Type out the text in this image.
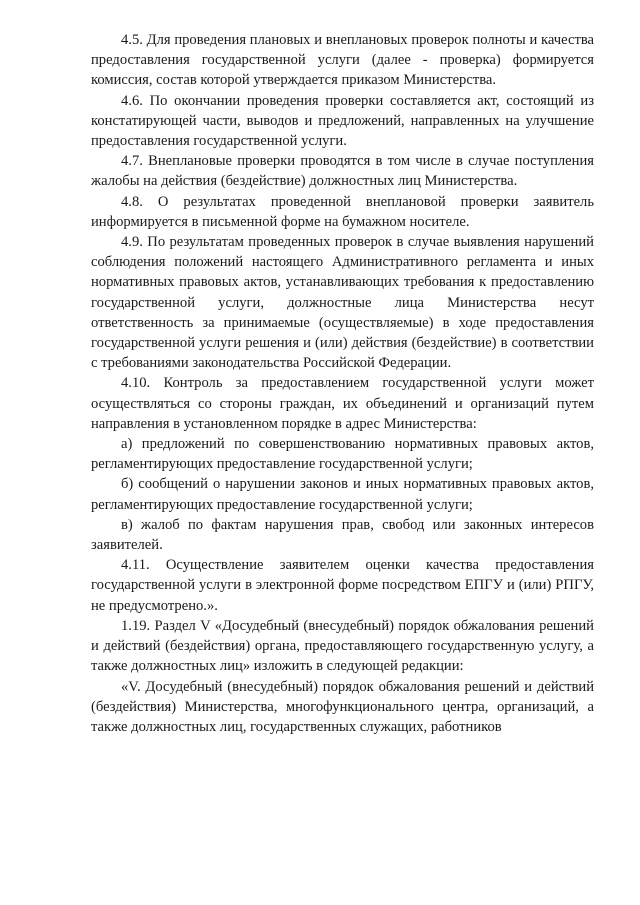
4.5. Для проведения плановых и внеплановых проверок полноты и качества предоставления государственной услуги (далее - проверка) формируется комиссия, состав которой утверждается приказом Министерства.

4.6. По окончании проведения проверки составляется акт, состоящий из констатирующей части, выводов и предложений, направленных на улучшение предоставления государственной услуги.

4.7. Внеплановые проверки проводятся в том числе в случае поступления жалобы на действия (бездействие) должностных лиц Министерства.

4.8. О результатах проведенной внеплановой проверки заявитель информируется в письменной форме на бумажном носителе.

4.9. По результатам проведенных проверок в случае выявления нарушений соблюдения положений настоящего Административного регламента и иных нормативных правовых актов, устанавливающих требования к предоставлению государственной услуги, должностные лица Министерства несут ответственность за принимаемые (осуществляемые) в ходе предоставления государственной услуги решения и (или) действия (бездействие) в соответствии с требованиями законодательства Российской Федерации.

4.10. Контроль за предоставлением государственной услуги может осуществляться со стороны граждан, их объединений и организаций путем направления в установленном порядке в адрес Министерства:

а) предложений по совершенствованию нормативных правовых актов, регламентирующих предоставление государственной услуги;

б) сообщений о нарушении законов и иных нормативных правовых актов, регламентирующих предоставление государственной услуги;

в) жалоб по фактам нарушения прав, свобод или законных интересов заявителей.

4.11. Осуществление заявителем оценки качества предоставления государственной услуги в электронной форме посредством ЕПГУ и (или) РПГУ, не предусмотрено.».

1.19. Раздел V «Досудебный (внесудебный) порядок обжалования решений и действий (бездействия) органа, предоставляющего государственную услугу, а также должностных лиц» изложить в следующей редакции:

«V. Досудебный (внесудебный) порядок обжалования решений и действий (бездействия) Министерства, многофункционального центра, организаций, а также должностных лиц, государственных служащих, работников
